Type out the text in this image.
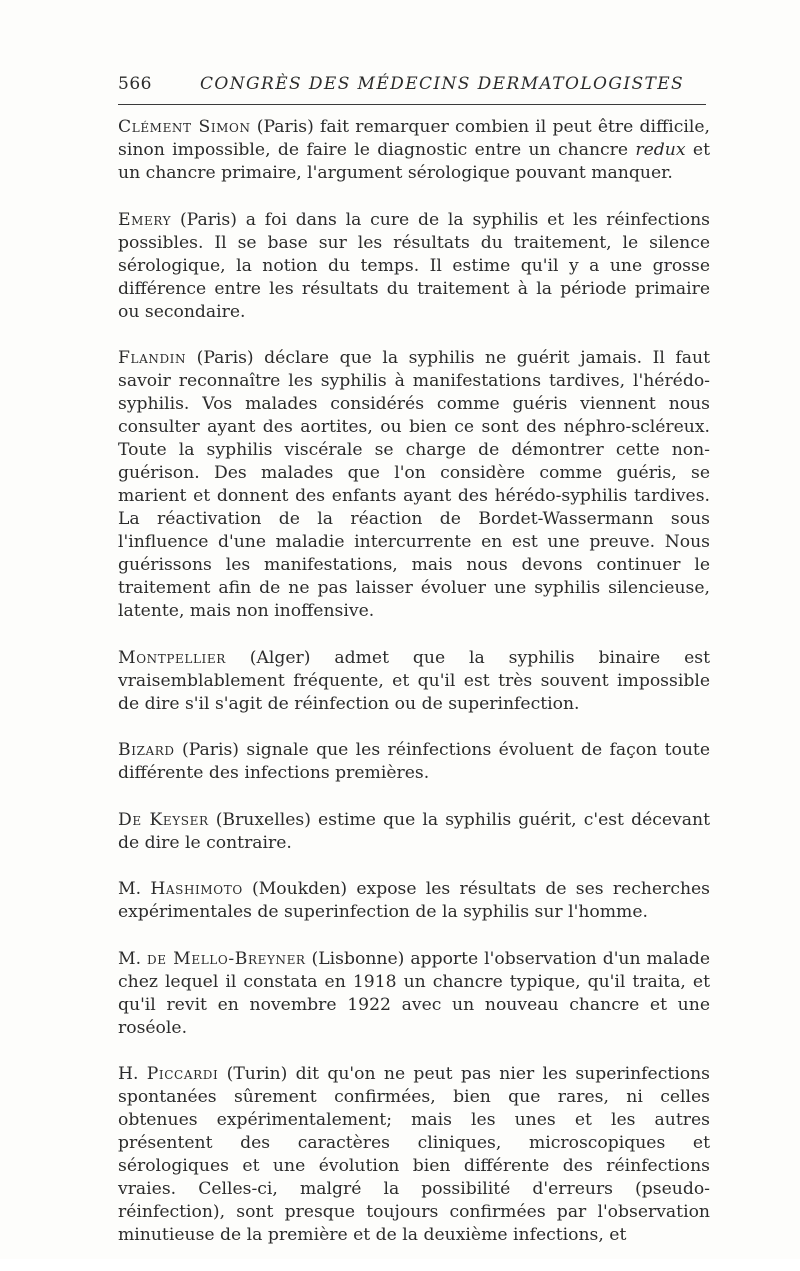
566	CONGRÈS DES MÉDECINS DERMATOLOGISTES

Clément Simon (Paris) fait remarquer combien il peut être difficile, sinon impossible, de faire le diagnostic entre un chancre redux et un chancre primaire, l'argument sérologique pouvant manquer.

Emery (Paris) a foi dans la cure de la syphilis et les réinfections possibles. Il se base sur les résultats du traitement, le silence sérologique, la notion du temps. Il estime qu'il y a une grosse différence entre les résultats du traitement à la période primaire ou secondaire.

Flandin (Paris) déclare que la syphilis ne guérit jamais. Il faut savoir reconnaître les syphilis à manifestations tardives, l'hérédo-syphilis. Vos malades considérés comme guéris viennent nous consulter ayant des aortites, ou bien ce sont des néphro-scléreux. Toute la syphilis viscérale se charge de démontrer cette non-guérison. Des malades que l'on considère comme guéris, se marient et donnent des enfants ayant des hérédo-syphilis tardives. La réactivation de la réaction de Bordet-Wassermann sous l'influence d'une maladie intercurrente en est une preuve. Nous guérissons les manifestations, mais nous devons continuer le traitement afin de ne pas laisser évoluer une syphilis silencieuse, latente, mais non inoffensive.

Montpellier (Alger) admet que la syphilis binaire est vraisemblablement fréquente, et qu'il est très souvent impossible de dire s'il s'agit de réinfection ou de superinfection.

Bizard (Paris) signale que les réinfections évoluent de façon toute différente des infections premières.

De Keyser (Bruxelles) estime que la syphilis guérit, c'est décevant de dire le contraire.

M. Hashimoto (Moukden) expose les résultats de ses recherches expérimentales de superinfection de la syphilis sur l'homme.

M. de Mello-Breyner (Lisbonne) apporte l'observation d'un malade chez lequel il constata en 1918 un chancre typique, qu'il traita, et qu'il revit en novembre 1922 avec un nouveau chancre et une roséole.

H. Piccardi (Turin) dit qu'on ne peut pas nier les superinfections spontanées sûrement confirmées, bien que rares, ni celles obtenues expérimentalement; mais les unes et les autres présentent des caractères cliniques, microscopiques et sérologiques et une évolution bien différente des réinfections vraies. Celles-ci, malgré la possibilité d'erreurs (pseudo-réinfection), sont presque toujours confirmées par l'observation minutieuse de la première et de la deuxième infections, et
